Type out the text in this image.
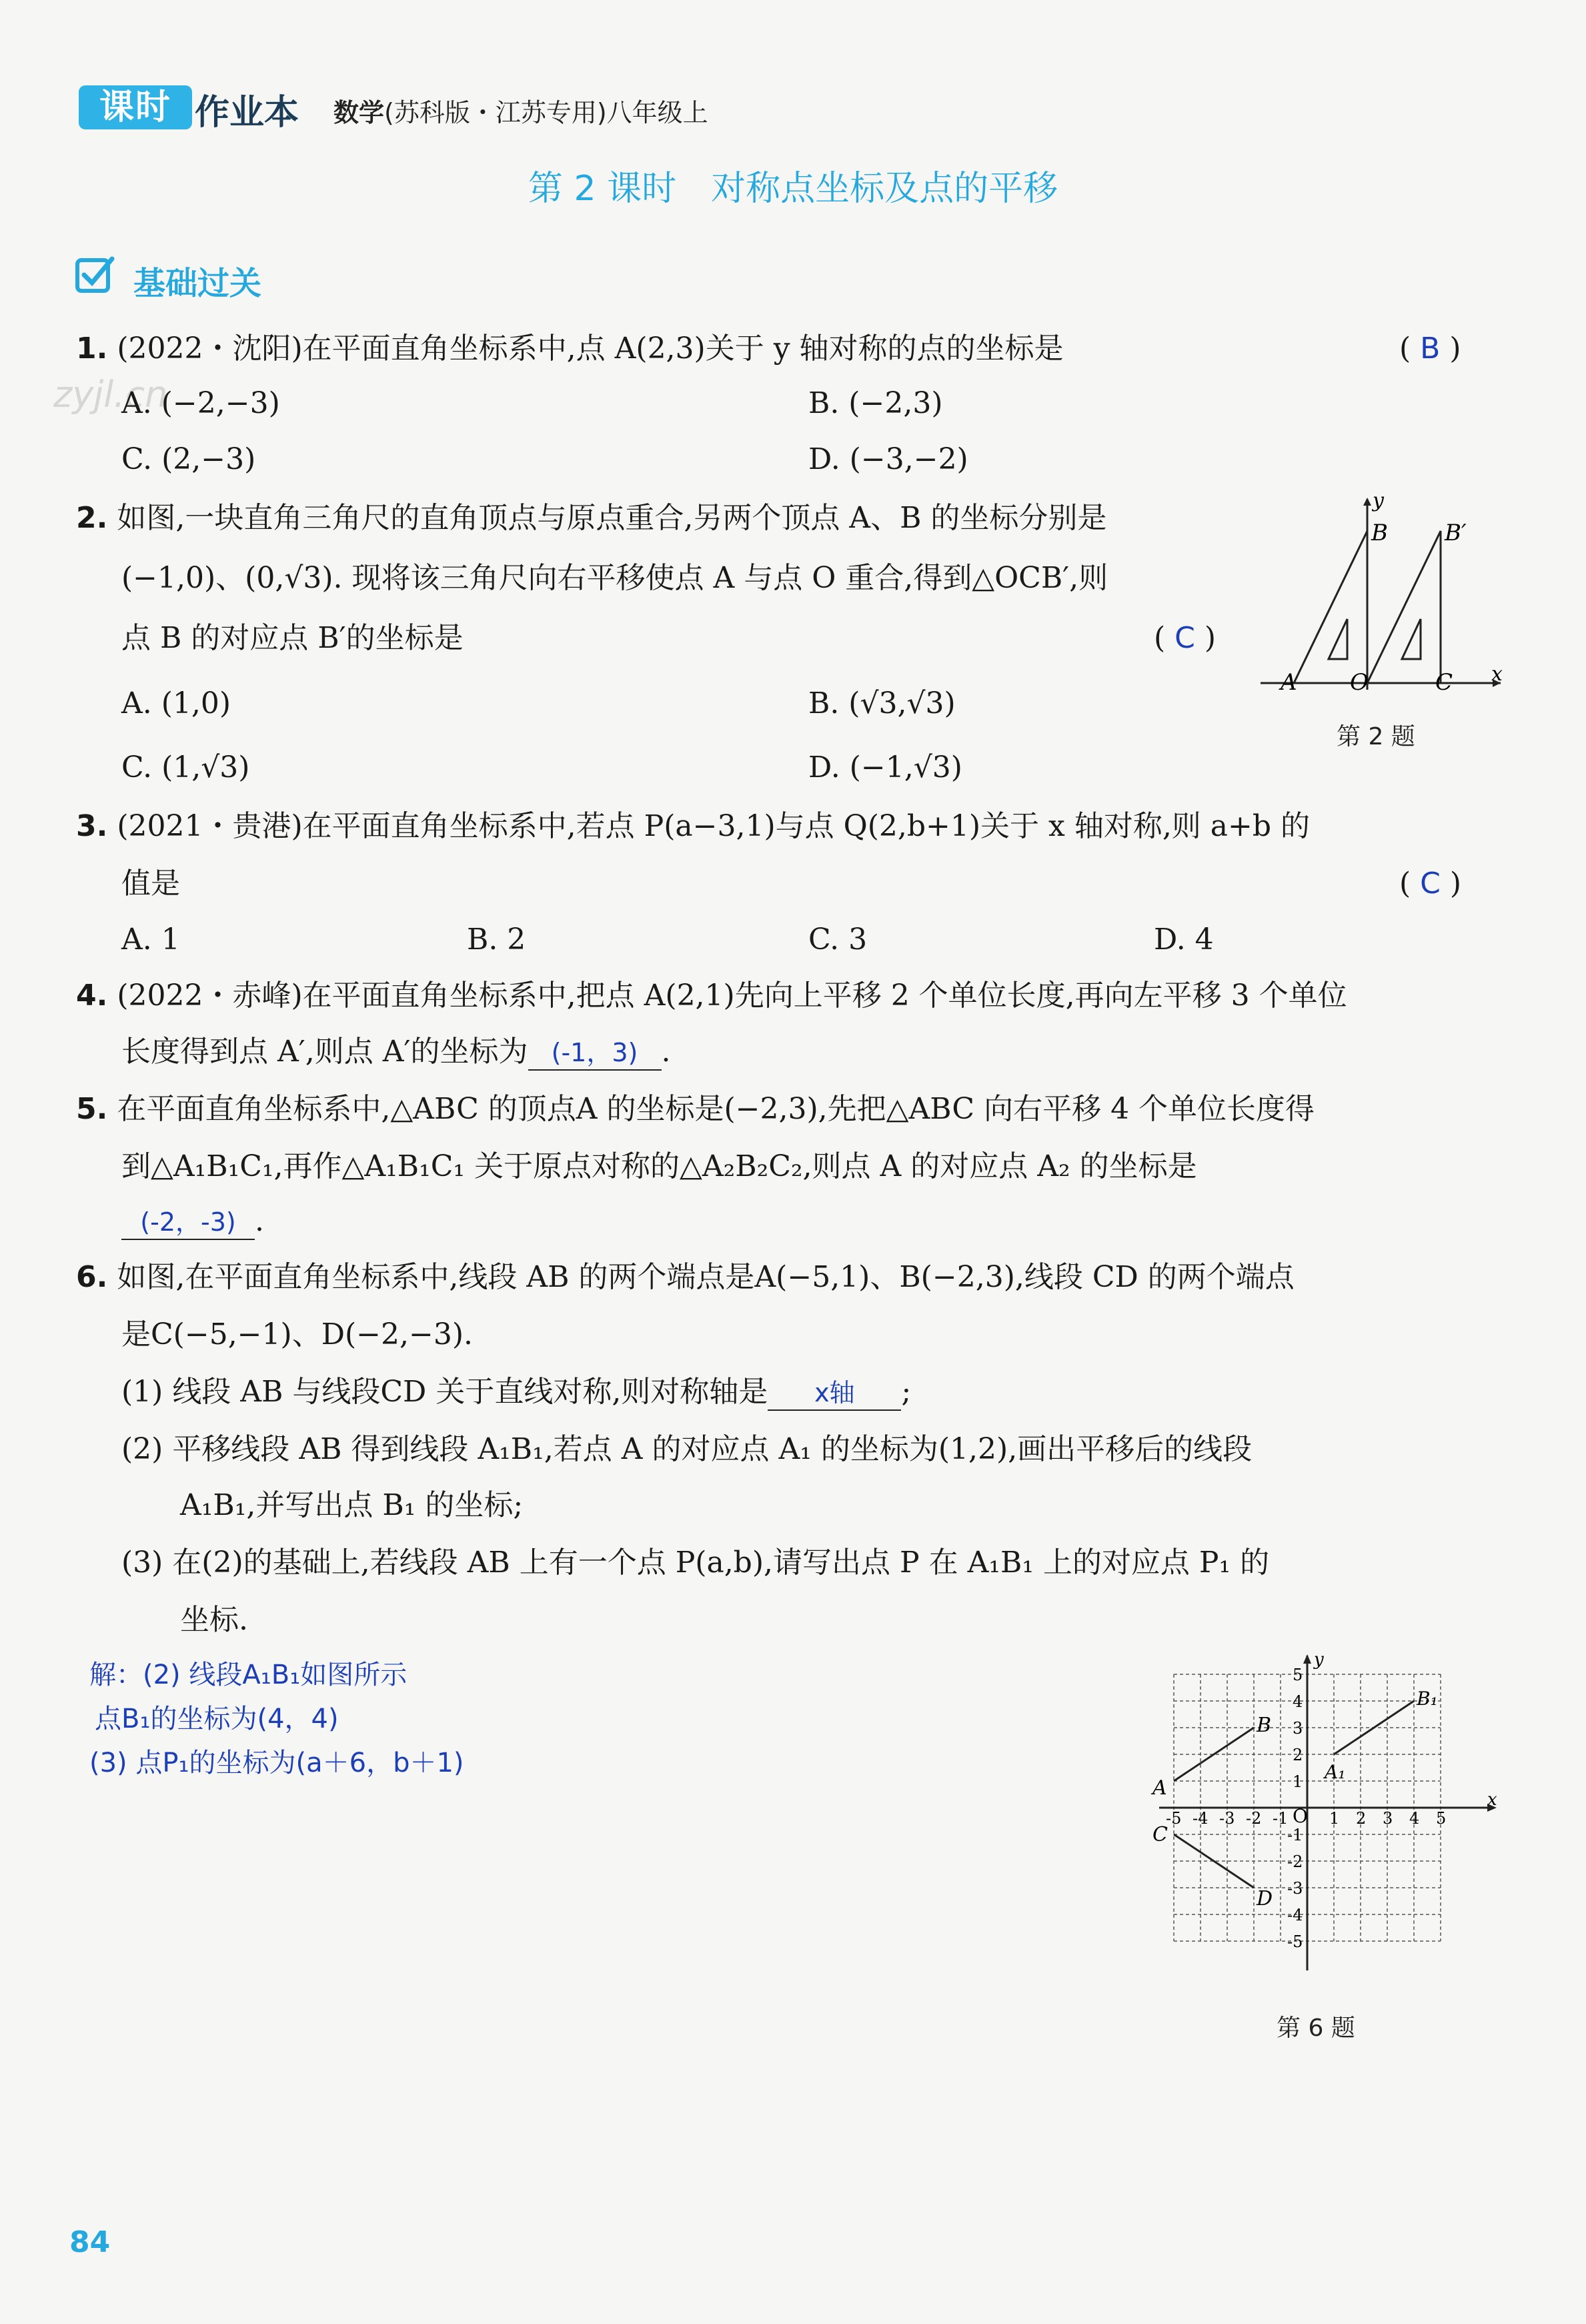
课时 作业本 数学(苏科版・江苏专用)八年级上
第 2 课时　对称点坐标及点的平移
基础过关
zyjl.cn
1. (2022・沈阳)在平面直角坐标系中,点 A(2,3)关于 y 轴对称的点的坐标是	( B )
A. (−2,−3)	B. (−2,3)
C. (2,−3)	D. (−3,−2)
2. 如图,一块直角三角尺的直角顶点与原点重合,另两个顶点 A、B 的坐标分别是
(−1,0)、(0,√3). 现将该三角尺向右平移使点 A 与点 O 重合,得到△OCB′,则
点 B 的对应点 B′的坐标是	( C )
A. (1,0)	B. (√3,√3)
C. (1,√3)	D. (−1,√3)
y
x
B	B′
A O	C
第 2 题
3. (2021・贵港)在平面直角坐标系中,若点 P(a−3,1)与点 Q(2,b+1)关于 x 轴对称,则 a+b 的
值是	( C )
A. 1	B. 2	C. 3	D. 4
4. (2022・赤峰)在平面直角坐标系中,把点 A(2,1)先向上平移 2 个单位长度,再向左平移 3 个单位
长度得到点 A′,则点 A′的坐标为 (-1，3) .
5. 在平面直角坐标系中,△ABC 的顶点A 的坐标是(−2,3),先把△ABC 向右平移 4 个单位长度得
到△A₁B₁C₁,再作△A₁B₁C₁ 关于原点对称的△A₂B₂C₂,则点 A 的对应点 A₂ 的坐标是
(-2，-3) .
6. 如图,在平面直角坐标系中,线段 AB 的两个端点是A(−5,1)、B(−2,3),线段 CD 的两个端点
是C(−5,−1)、D(−2,−3).
(1) 线段 AB 与线段CD 关于直线对称,则对称轴是 x轴 ;
(2) 平移线段 AB 得到线段 A₁B₁,若点 A 的对应点 A₁ 的坐标为(1,2),画出平移后的线段
A₁B₁,并写出点 B₁ 的坐标;
(3) 在(2)的基础上,若线段 AB 上有一个点 P(a,b),请写出点 P 在 A₁B₁ 上的对应点 P₁ 的
坐标.
解：(2) 线段A₁B₁如图所示
点B₁的坐标为(4，4)
(3) 点P₁的坐标为(a＋6，b＋1)
-5 -4 -3 -2 -1	1 2 3 4 5
5
4
3
2
1
-1
-2
-3
-4
-5
x
y
O
A
B
C
D
A₁
B₁
第 6 题
84
